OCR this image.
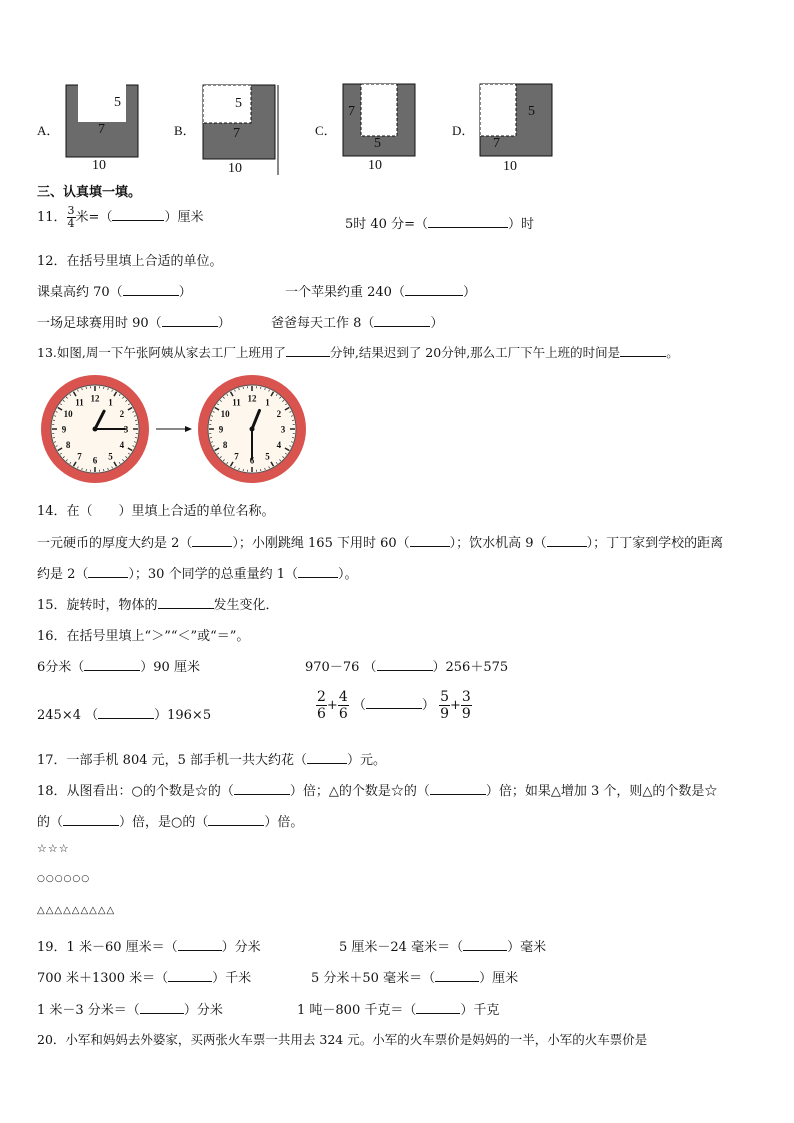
A．
5
7
10
B．
5
7
10
C．
7
5
10
D．
5
7
10
三、认真填一填。
11． $\frac{3}{4}$ 米=（	）厘米	5时 40 分=（	）时
12．在括号里填上合适的单位。
课桌高约 70（	）	一个苹果约重 240（	）
一场足球赛用时 90（	）	爸爸每天工作 8（	）
13.如图,周一下午张阿姨从家去工厂上班用了	分钟,结果迟到了 20分钟,那么工厂下午上班的时间是	。
12 1
2
3
4
5
6
7
8
9
10
11	12 1
2
3
4
5
6
7
8
9
10
11
14．在（　　）里填上合适的单位名称。
一元硬币的厚度大约是 2（	）；小刚跳绳 165 下用时 60（	）；饮水机高 9（	）；丁丁家到学校的距离
约是 2（	）；30 个同学的总重量约 1（	）。
15．旋转时，物体的	发生变化．
16．在括号里填上“＞”“＜”或“＝”。
6分米（	）90 厘米	970－76 （	）256＋575
245×4 （	）196×5	$\frac{2}{6} + \frac{4}{6}$ （	） $\frac{5}{9} + \frac{3}{9}$
17．一部手机 804 元，5 部手机一共大约花（	）元。
18．从图看出：○的个数是☆的（	）倍；△的个数是☆的（	）倍；如果△增加 3 个，则△的个数是☆
的（	）倍，是○的（	）倍。
☆☆☆
○○○○○○
△△△△△△△△△
19．1 米－60 厘米＝（	）分米	5 厘米－24 毫米＝（	）毫米
700 米＋1300 米＝（	）千米	5 分米＋50 毫米＝（	）厘米
1 米－3 分米＝（	）分米	1 吨－800 千克＝（	）千克
20．小军和妈妈去外婆家，买两张火车票一共用去 324 元。小军的火车票价是妈妈的一半，小军的火车票价是
